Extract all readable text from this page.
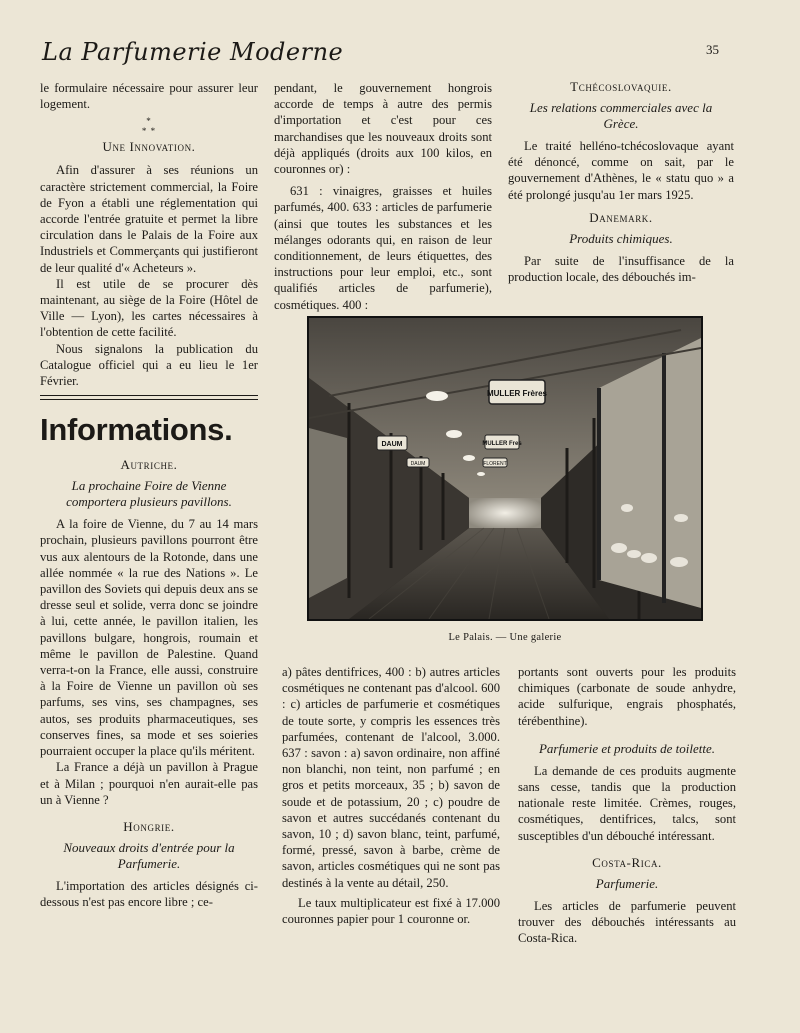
La Parfumerie Moderne	35

le formulaire nécessaire pour assurer leur logement.

*
* *
Une Innovation.

Afin d'assurer à ses réunions un caractère strictement commercial, la Foire de Fyon a établi une réglementation qui accorde l'entrée gratuite et permet la libre circulation dans le Palais de la Foire aux Industriels et Commerçants qui justifieront de leur qualité d'« Acheteurs ».

Il est utile de se procurer dès maintenant, au siège de la Foire (Hôtel de Ville — Lyon), les cartes nécessaires à l'obtention de cette facilité.

Nous signalons la publication du Catalogue officiel qui a eu lieu le 1er Février.

Informations.
Autriche.
La prochaine Foire de Vienne comportera plusieurs pavillons.

A la foire de Vienne, du 7 au 14 mars prochain, plusieurs pavillons pourront être vus aux alentours de la Rotonde, dans une allée nommée « la rue des Nations ». Le pavillon des Soviets qui depuis deux ans se dresse seul et solide, verra donc se joindre à lui, cette année, le pavillon italien, les pavillons bulgare, hongrois, roumain et même le pavillon de Palestine. Quand verra-t-on la France, elle aussi, construire à la Foire de Vienne un pavillon où ses parfums, ses vins, ses champagnes, ses autos, ses produits pharmaceutiques, ses conserves fines, sa mode et ses soieries pourraient occuper la place qu'ils méritent.

La France a déjà un pavillon à Prague et à Milan ; pourquoi n'en aurait-elle pas un à Vienne ?

Hongrie.
Nouveaux droits d'entrée pour la Parfumerie.

L'importation des articles désignés ci-dessous n'est pas encore libre ; ce-

pendant, le gouvernement hongrois accorde de temps à autre des permis d'importation et c'est pour ces marchandises que les nouveaux droits sont déjà appliqués (droits aux 100 kilos, en couronnes or) :

631 : vinaigres, graisses et huiles parfumés, 400. 633 : articles de parfumerie (ainsi que toutes les substances et les mélanges odorants qui, en raison de leur conditionnement, de leurs étiquettes, des instructions pour leur emploi, etc., sont qualifiés articles de parfumerie), cosmétiques. 400 :

Tchécoslovaquie.
Les relations commerciales avec la Grèce.

Le traité helléno-tchécoslovaque ayant été dénoncé, comme on sait, par le gouvernement d'Athènes, le « statu quo » a été prolongé jusqu'au 1er mars 1925.

Danemark.
Produits chimiques.

Par suite de l'insuffisance de la production locale, des débouchés im-

MULLER Frères
DAUM	MULLER Fres
DAUM	FLORENT
Le Palais. — Une galerie

a) pâtes dentifrices, 400 : b) autres articles cosmétiques ne contenant pas d'alcool. 600 : c) articles de parfumerie et cosmétiques de toute sorte, y compris les essences très parfumées, contenant de l'alcool, 3.000. 637 : savon : a) savon ordinaire, non affiné non blanchi, non teint, non parfumé ; en gros et petits morceaux, 35 ; b) savon de soude et de potassium, 20 ; c) poudre de savon et autres succédanés contenant du savon, 10 ; d) savon blanc, teint, parfumé, formé, pressé, savon à barbe, crème de savon, articles cosmétiques qui ne sont pas destinés à la vente au détail, 250.

Le taux multiplicateur est fixé à 17.000 couronnes papier pour 1 couronne or.

portants sont ouverts pour les produits chimiques (carbonate de soude anhydre, acide sulfurique, engrais phosphatés, térébenthine).

Parfumerie et produits de toilette.

La demande de ces produits augmente sans cesse, tandis que la production nationale reste limitée. Crèmes, rouges, cosmétiques, dentifrices, talcs, sont susceptibles d'un débouché intéressant.

Costa-Rica.
Parfumerie.

Les articles de parfumerie peuvent trouver des débouchés intéressants au Costa-Rica.
